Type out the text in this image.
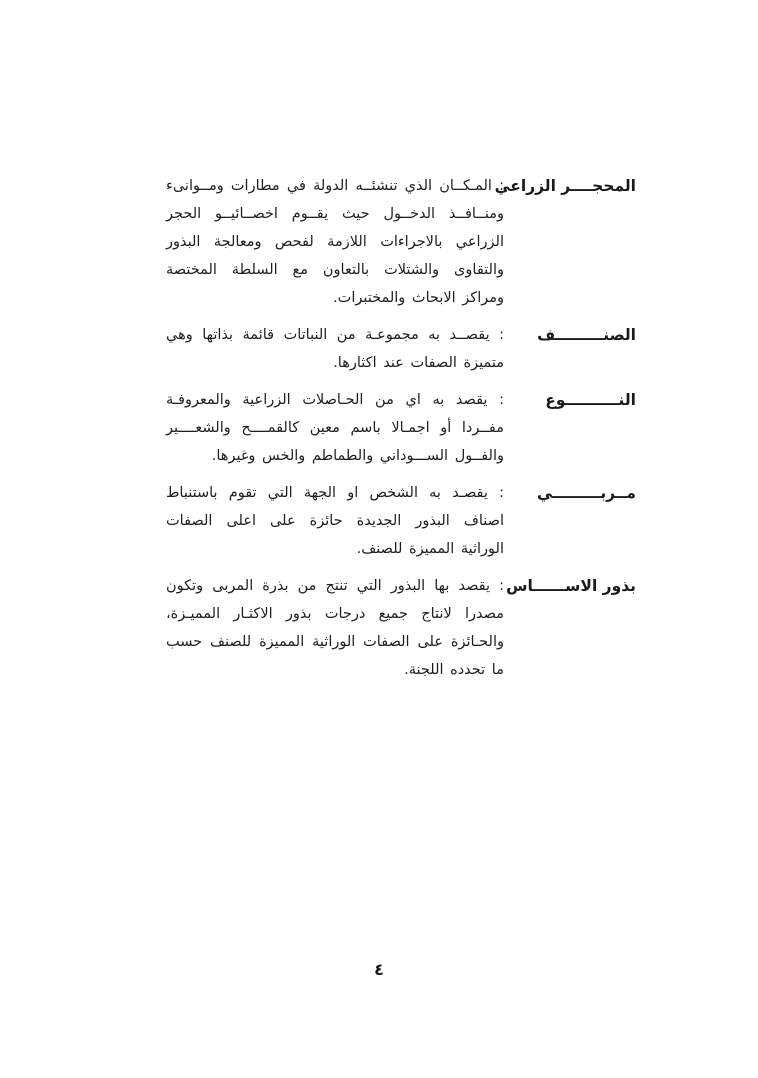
المحجــــر الزراعي
: المـكــان الذي تنشئــه الدولة في مطارات ومــوانىء ومنــافــذ الدخــول حيث يقــوم اخصــائيــو الحجر الزراعي بالاجراءات اللازمة لفحص ومعالجة البذور والتقاوى والشتلات بالتعاون مع السلطة المختصة ومراكز الابحاث والمختبرات.
الصنـــــــــف
: يقصــد به مجموعـة من النباتات قائمة بذاتها وهي متميزة الصفات عند اكثارها.
النــــــــــوع
: يقصد به اي من الحـاصلات الزراعية والمعروفـة مفــردا أو اجمـالا باسم معين كالقمــــح والشعــــير والفــول الســـوداني والطماطم والخس وغيرها.
مــربـــــــــي
: يقصـد به الشخص او الجهة التي تقوم باستنباط اصناف البذور الجديدة حائزة على اعلى الصفات الوراثية المميزة للصنف.
بذور الاســــــاس
: يقصد بها البذور التي تنتج من بذرة المربى وتكون مصدرا لانتاج جميع درجات بذور الاكثـار المميـزة، والحـائزة على الصفات الوراثية المميزة للصنف حسب ما تحدده اللجنة.
٤
